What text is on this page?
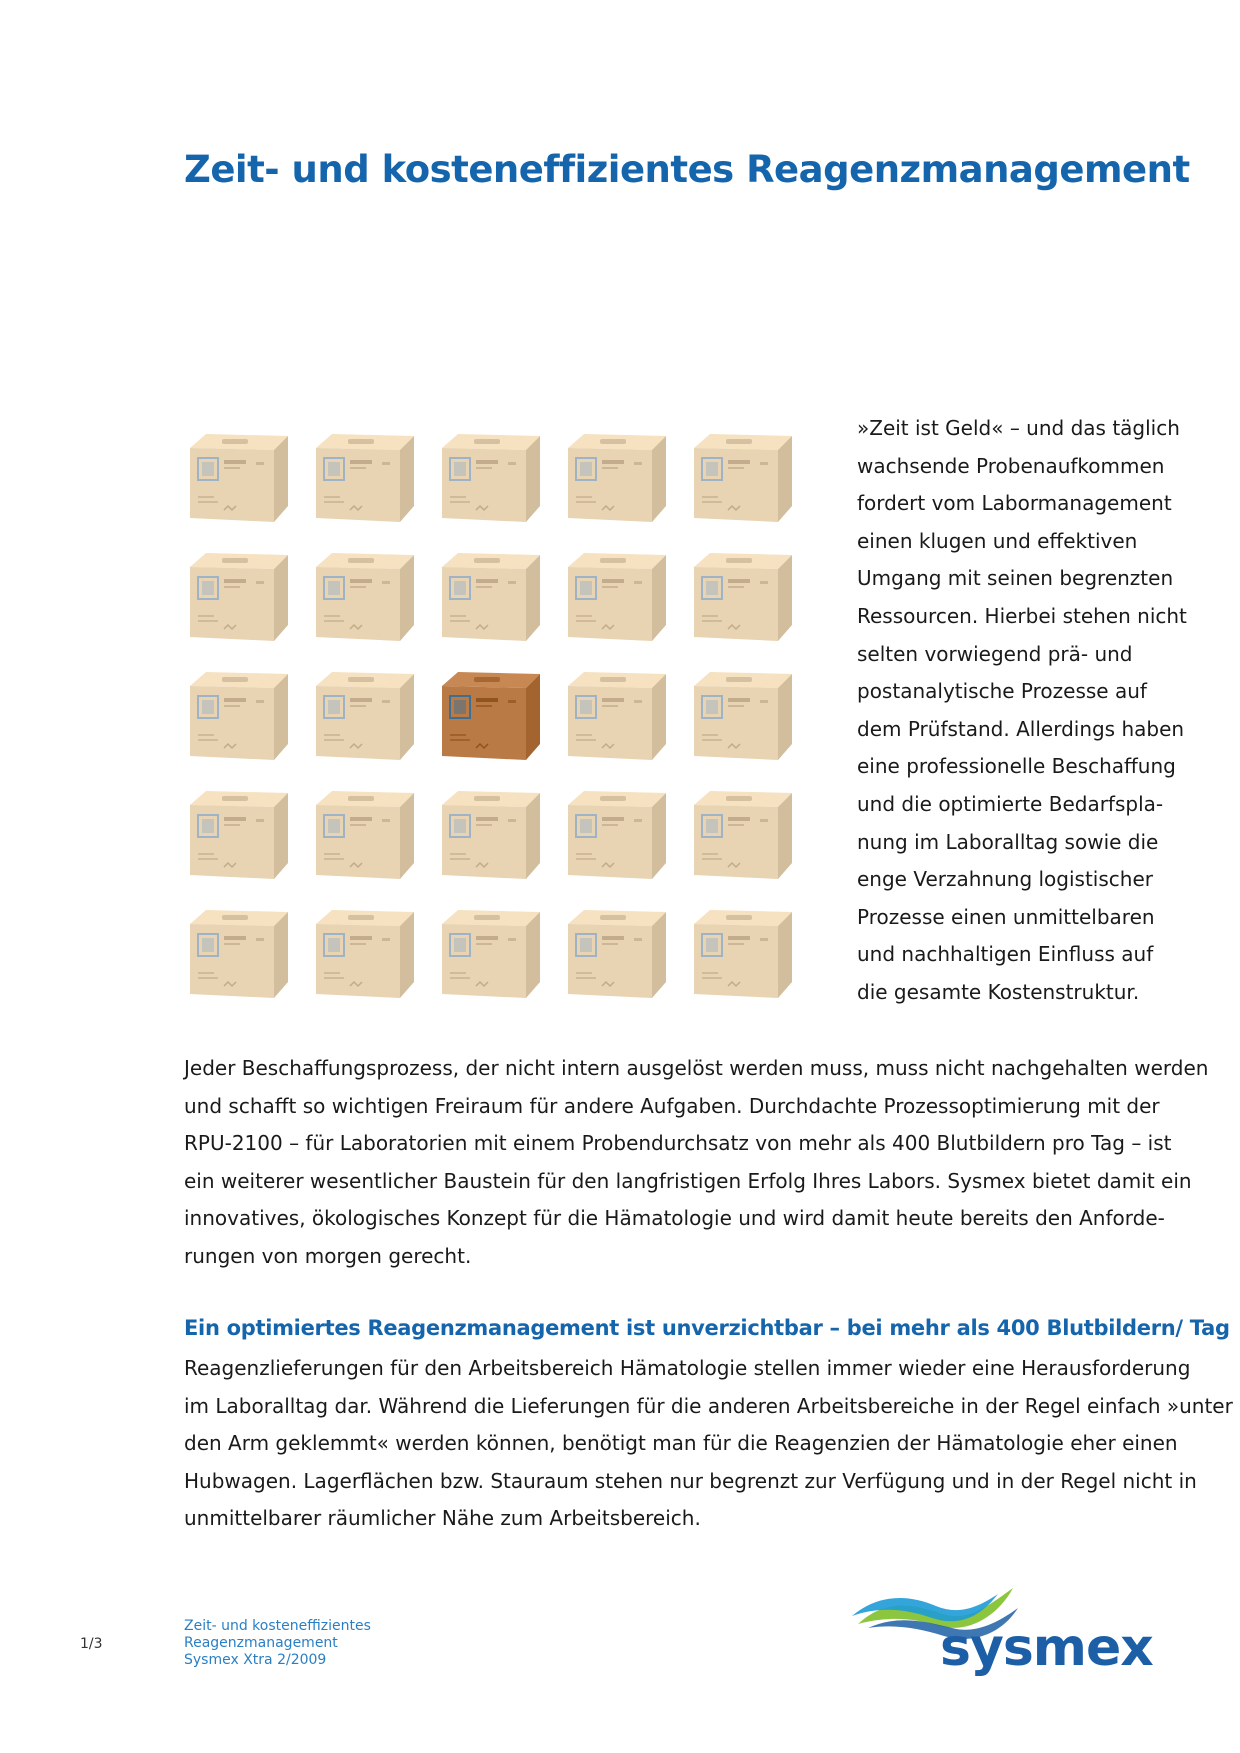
Zeit- und kosteneffizientes Reagenzmanagement

»Zeit ist Geld« – und das täglich
wachsende Probenaufkommen
fordert vom Labormanagement
einen klugen und effektiven
Umgang mit seinen begrenzten
Ressourcen. Hierbei stehen nicht
selten vorwiegend prä- und
postanalytische Prozesse auf
dem Prüfstand. Allerdings haben
eine professionelle Beschaffung
und die optimierte Bedarfspla-
nung im Laboralltag sowie die
enge Verzahnung logistischer
Prozesse einen unmittelbaren
und nachhaltigen Einfluss auf
die gesamte Kostenstruktur.

Jeder Beschaffungsprozess, der nicht intern ausgelöst werden muss, muss nicht nachgehalten werden
und schafft so wichtigen Freiraum für andere Aufgaben. Durchdachte Prozessoptimierung mit der
RPU-2100 – für Laboratorien mit einem Probendurchsatz von mehr als 400 Blutbildern pro Tag – ist
ein weiterer wesentlicher Baustein für den langfristigen Erfolg Ihres Labors. Sysmex bietet damit ein
innovatives, ökologisches Konzept für die Hämatologie und wird damit heute bereits den Anforde-
rungen von morgen gerecht.

Ein optimiertes Reagenzmanagement ist unverzichtbar – bei mehr als 400 Blutbildern/ Tag

Reagenzlieferungen für den Arbeitsbereich Hämatologie stellen immer wieder eine Herausforderung
im Laboralltag dar. Während die Lieferungen für die anderen Arbeitsbereiche in der Regel einfach »unter
den Arm geklemmt« werden können, benötigt man für die Reagenzien der Hämatologie eher einen
Hubwagen. Lagerflächen bzw. Stauraum stehen nur begrenzt zur Verfügung und in der Regel nicht in
unmittelbarer räumlicher Nähe zum Arbeitsbereich.

1/3
Zeit- und kosteneffizientes
Reagenzmanagement
Sysmex Xtra 2/2009	sysmex
